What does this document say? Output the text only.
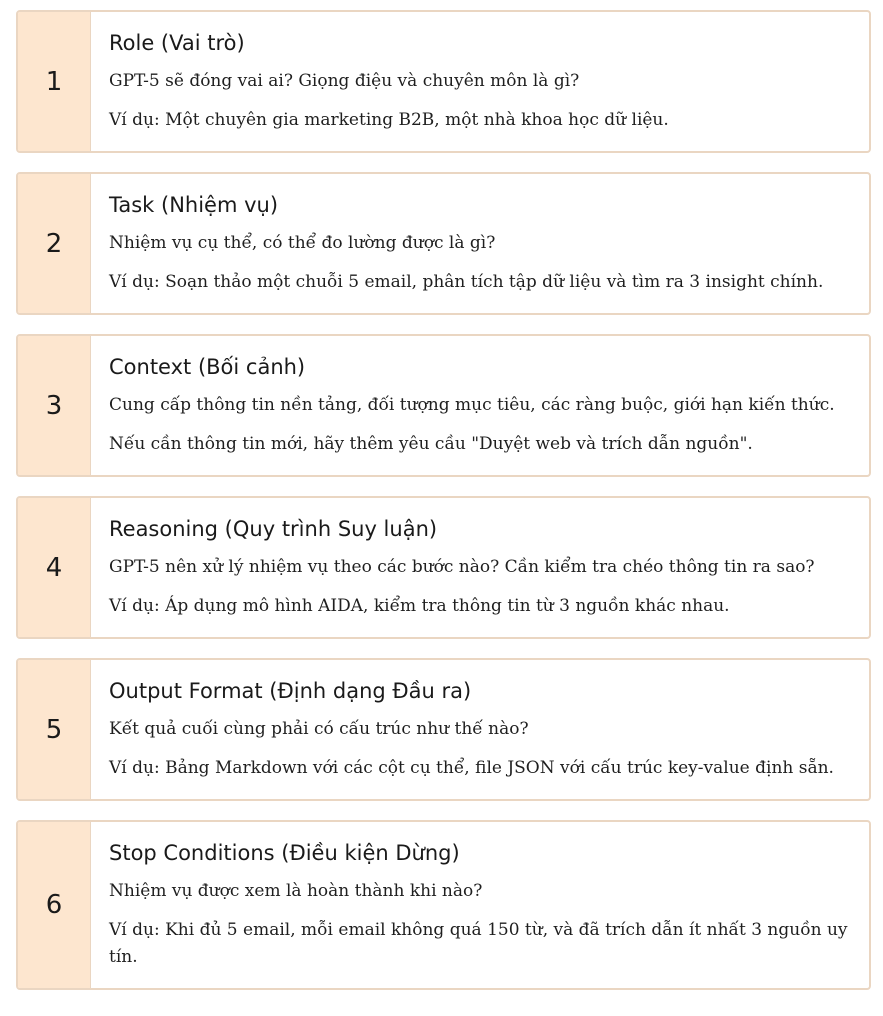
1
Role (Vai trò)

GPT-5 sẽ đóng vai ai? Giọng điệu và chuyên môn là gì?

Ví dụ: Một chuyên gia marketing B2B, một nhà khoa học dữ liệu.

2
Task (Nhiệm vụ)

Nhiệm vụ cụ thể, có thể đo lường được là gì?

Ví dụ: Soạn thảo một chuỗi 5 email, phân tích tập dữ liệu và tìm ra 3 insight chính.

3
Context (Bối cảnh)

Cung cấp thông tin nền tảng, đối tượng mục tiêu, các ràng buộc, giới hạn kiến thức.

Nếu cần thông tin mới, hãy thêm yêu cầu "Duyệt web và trích dẫn nguồn".

4
Reasoning (Quy trình Suy luận)

GPT-5 nên xử lý nhiệm vụ theo các bước nào? Cần kiểm tra chéo thông tin ra sao?

Ví dụ: Áp dụng mô hình AIDA, kiểm tra thông tin từ 3 nguồn khác nhau.

5
Output Format (Định dạng Đầu ra)

Kết quả cuối cùng phải có cấu trúc như thế nào?

Ví dụ: Bảng Markdown với các cột cụ thể, file JSON với cấu trúc key-value định sẵn.

6
Stop Conditions (Điều kiện Dừng)

Nhiệm vụ được xem là hoàn thành khi nào?

Ví dụ: Khi đủ 5 email, mỗi email không quá 150 từ, và đã trích dẫn ít nhất 3 nguồn uy tín.
